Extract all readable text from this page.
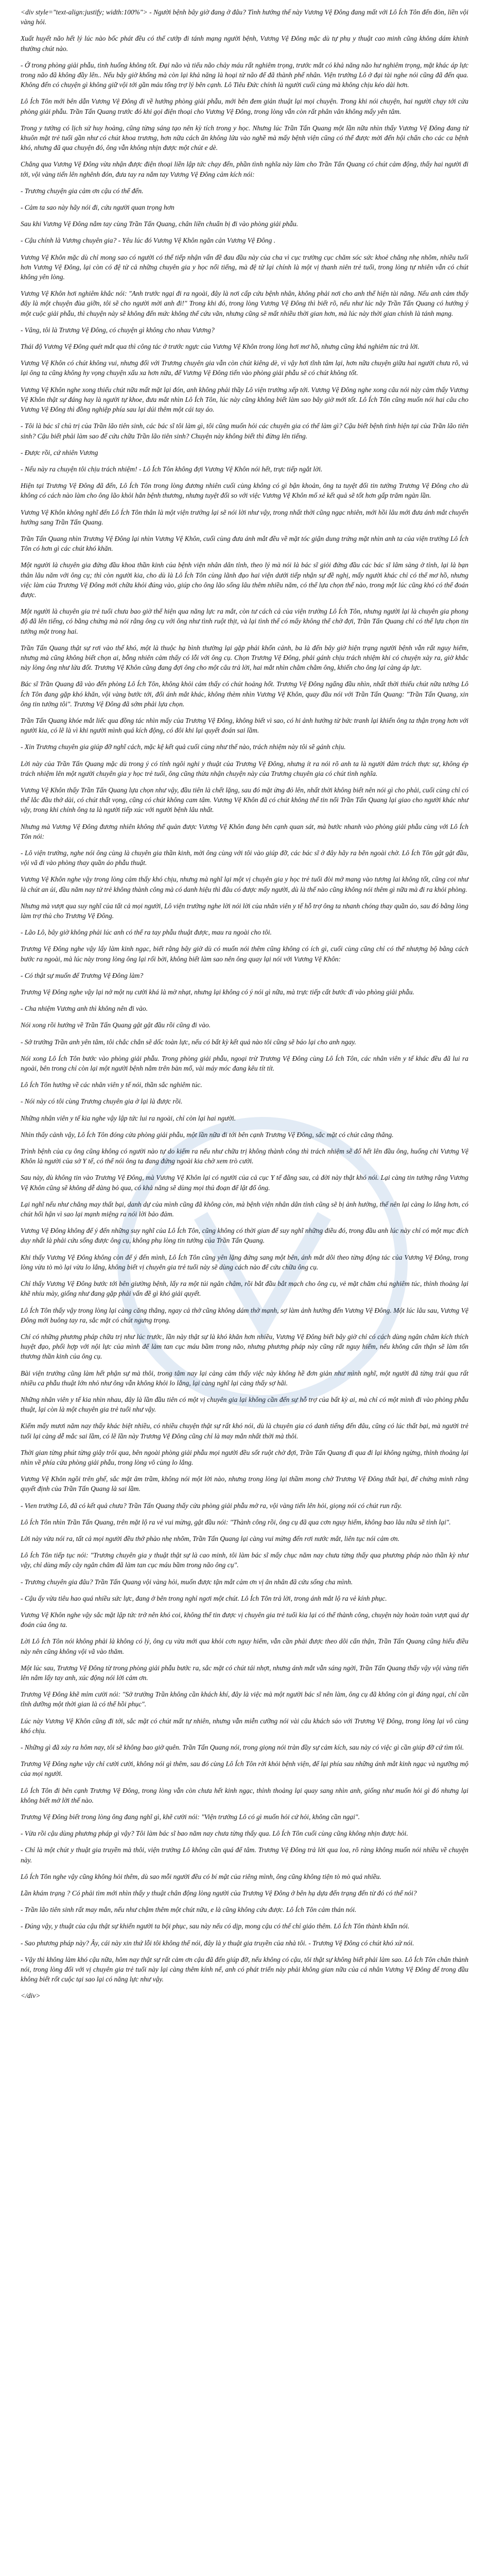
<div style="text-align:justify; width:100%"> - Người bệnh bây giờ đang ở đâu? Tình hướng thế này Vương Vệ Đông đang mất với Lô Ích Tôn đến đòn, liền vội vàng hỏi.

Xuất huyết não hết lý lúc nào bốc phát đều có thể cướp đi tánh mạng người bệnh, Vương Vệ Đông mặc dù tự phụ y thuật cao minh cũng không dám khinh thường chút nào.

- Ở trong phòng giải phẫu, tình huống không tốt. Đại não và tiểu não chảy máu rất nghiêm trọng, trước mắt có khả năng não hư nghiêm trọng, mặt khác áp lực trong não đã không đầy lên.. Nếu bây giờ khống mà còn lại khả năng là hoại tử não để đã thành phế nhân. Viện trưởng Lô ở đại tài nghe nói cũng đã đến qua. Không đến có chuyện gì không giữ vội tới gần máu tổng trợ lý bên cạnh. Lô Tiêu Đức chính là người cuối cùng mà không chịu kéo dài hơn.

Lô Ích Tôn mới bên dẫn Vương Vệ Đông đi về hướng phòng giải phẫu, mới bên đem giản thuật lại mọi chuyện. Trong khi nói chuyện, hai người chạy tới cửa phòng giải phẫu. Trần Tấn Quang trước đó khi gọi điện thoại cho Vương Vệ Đông, trong lòng vẫn còn rất phân vân không mấy yên tâm.

Trong y tưởng có lịch sử huy hoàng, cũng từng sáng tạo nên kỳ tích trong y học. Nhưng lúc Trần Tấn Quang một lần nữa nhìn thấy Vương Vệ Đông đang từ khuôn mặt trẻ tuổi gần như có chút khoa trương, hơn nữa cách ăn không lửa vào nghề mà mấy bệnh viện cũng có thể được mời đến hội chẩn cho các ca bệnh khó, nhưng đã qua chuyện đó, ông vẫn không nhịn được một chút e dè.

Chẳng qua Vương Vệ Đông vừa nhận được điện thoại liền lập tức chạy đến, phần tình nghĩa này làm cho Trần Tấn Quang có chút cảm động, thấy hai người đi tới, vội vàng tiến lên nghênh đón, đưa tay ra nắm tay Vương Vệ Đông cảm kích nói:

- Trương chuyện gia cảm ơn cậu có thể đến.

- Cảm ta sao này hãy nói đi, cứu người quan trọng hơn

Sau khi Vương Vệ Đông nắm tay cùng Trần Tấn Quang, chân liền chuẩn bị đi vào phòng giải phẫu.

- Cậu chính là Vương chuyên gia? - Yêu lúc đó Vương Vệ Khôn ngăn cản Vương Vệ Đông .

Vương Vệ Khôn mặc dù chỉ mong sao có người có thể tiếp nhận vấn đề đau đầu này của cha vì cục trường cục chăm sóc sức khoẻ chẳng nhẹ nhõm, nhiều tuổi hơn Vương Vệ Đông, lại còn có đệ tử cả những chuyên gia y học nổi tiếng, mà đệ tử lại chính là một vị thanh niên trẻ tuổi, trong lòng tự nhiên vẫn có chút không yên lòng.

Vương Vệ Khôn hơi nghiêm khắc nói: "Anh trước ngại đi ra ngoài, đây là nơi cấp cứu bệnh nhân, không phải nơi cho anh thể hiện tài năng. Nếu anh cảm thấy đây là một chuyện đùa giỡn, tôi sẽ cho người mời anh đi!" Trong khi đó, trong lòng Vương Vệ Đông thì biết rõ, nếu như lúc nãy Trần Tấn Quang có hướng ý một cuộc giải phẫu, thì chuyện này sẽ không đến mức không thể cứu vãn, nhưng cũng sẽ mất nhiều thời gian hơn, mà lúc này thời gian chính là tánh mạng.

- Vâng, tôi là Trương Vệ Đông, có chuyện gì không cho nhau Vương?

Thái độ Vương Vệ Đông quét mắt qua thì công tác ở trước ngực của Vương Vệ Khôn trong lòng hơi mơ hồ, nhưng cũng khá nghiêm túc trả lời.

Vương Vệ Khôn có chút không vui, nhưng đối với Trương chuyên gia vẫn còn chút kiêng dè, vì vậy hơi tĩnh tâm lại, hơn nữa chuyện giữa hai người chưa rõ, vả lại ông ta cũng không hy vọng chuyện xấu xa hơn nữa, để Vương Vệ Đông tiến vào phòng giải phẫu sẽ có chút không tốt.

Vương Vệ Khôn nghe xong thiếu chút nữa mất mặt lại đón, anh không phải thầy Lô viện trưởng xếp tới. Vương Vệ Đông nghe xong câu nói này cảm thấy Vương Vệ Khôn thật sự đáng hay là người tự khoe, đưa mắt nhìn Lô Ích Tôn, lúc này cũng không biết làm sao bây giờ mới tốt. Lô Ích Tôn cũng muốn nói hai câu cho Vương Vệ Đông thì đồng nghiệp phía sau lại dúi thêm một cái tay áo.

- Tôi là bác sĩ chủ trị của Trần lão tiên sinh, các bác sĩ tôi làm gì, tôi cũng muốn hỏi các chuyên gia có thể làm gì? Cậu biết bệnh tình hiện tại của Trần lão tiên sinh? Cậu biết phải làm sao để cứu chữa Trần lão tiên sinh? Chuyện này không biết thì đừng lên tiếng.

- Được rồi, cứ nhiên Vương

- Nếu này ra chuyện tôi chịu trách nhiệm! - Lô Ích Tôn không đợi Vương Vệ Khôn nói hết, trực tiếp ngắt lời.

Hiện tại Trương Vệ Đông đã đến, Lô Ích Tôn trong lòng đương nhiên cuối cùng không có gì bận khoản, ông ta tuyệt đối tin tưởng Trương Vệ Đông cho dù không có cách nào làm cho ông lão khỏi hẳn bệnh thương, nhưng tuyệt đối so với việc Vương Vệ Khôn mổ xẻ kết quả sẽ tốt hơn gấp trăm ngàn lần.

Vương Vệ Khôn không nghĩ đến Lô Ích Tôn thân là một viện trưởng lại sẽ nói lời như vậy, trong nhất thời cũng ngạc nhiên, mới hồi lâu mới đưa ánh mắt chuyển hướng sang Trần Tấn Quang.

Trần Tấn Quang nhìn Trương Vệ Đông lại nhìn Vương Vệ Khôn, cuối cùng đưa ánh mắt đều về mặt tóc giận dung trứng mặt nhìn anh ta của viện trưởng Lô Ích Tôn có hơn gì các chút khó khăn.

Một người là chuyên gia đứng đầu khoa thần kinh của bệnh viện nhân dân tỉnh, theo lý mà nói là bác sĩ giỏi đứng đầu các bác sĩ lâm sàng ở tỉnh, lại là bạn thân lâu năm với ông cụ; thì còn người kia, cho dù là Lô Ích Tôn cùng lãnh đạo hai viện dưới tiếp nhận sự đề nghị, mấy người khác chỉ có thể mơ hồ, nhưng việc làm của Trương Vệ Đông mới chữa khỏi đúng vào, giúp cho ông lão sống lâu thêm nhiều năm, có thể lựa chọn thế nào, trong một lúc cũng khó có thể đoán được.

Một người là chuyên gia trẻ tuổi chưa bao giờ thể hiện qua năng lực ra mắt, còn tư cách cả của viện trưởng Lô Ích Tôn, nhưng người lại là chuyên gia phong độ đã lên tiếng, có bằng chứng mà nói rằng ông cụ với ông như tình ruột thịt, và lại tình thế có mấy không thể chờ đợi, Trần Tấn Quang chỉ có thể lựa chọn tin tưởng một trong hai.

Trần Tấn Quang thật sự rơi vào thế khó, một là thuộc hạ bình thường lại gặp phải khốn cảnh, ba là đến bây giờ hiện trạng người bệnh vẫn rất nguy hiểm, nhưng mà cũng không biết chọn ai, bỗng nhiên cảm thấy có lỗi với ông cụ. Chọn Trương Vệ Đông, phải gánh chịu trách nhiệm khi có chuyện xảy ra, giờ khắc này lòng ông như lửa đốt. Trương Vệ Khôn cũng đang đợi ông cho một câu trả lời, hai mắt nhìn chằm chằm ông, khiến cho ông lại càng áp lực.

Bác sĩ Trần Quang đã vào đến phòng Lô Ích Tôn, không khỏi cảm thấy có chút hoảng hốt. Trương Vệ Đông ngẩng đầu nhìn, nhất thời thiếu chút nữa tưởng Lô Ích Tôn đang gặp khó khăn, vội vàng bước tới, đổi ánh mắt khác, không thèm nhìn Vương Vệ Khôn, quay đầu nói với Trần Tấn Quang: "Trần Tấn Quang, xin ông tin tưởng tôi". Trương Vệ Đông đã sớm phải lựa chọn.

Trần Tấn Quang khóe mắt liếc qua đồng tác nhìn mấy của Trương Vệ Đông, không biết vì sao, có hi ảnh hưởng từ bức tranh lại khiến ông ta thận trọng hơn với người kia, có lẽ là vì khi người mình quá kích động, có đôi khi lại quyết đoán sai lầm.

- Xin Trương chuyên gia giúp đỡ nghĩ cách, mặc kệ kết quả cuối cùng như thế nào, trách nhiệm này tôi sẽ gánh chịu.

Lời này của Trần Tấn Quang mặc dù trong ý có tính ngôi nghi y thuật của Trương Vệ Đông, nhưng ít ra nói rõ anh ta là người đảm trách thực sự, không ép trách nhiệm lên một người chuyên gia y học trẻ tuổi, ông cũng thừa nhận chuyện này của Trương chuyên gia có chút tình nghĩa.

Vương Vệ Khôn thấy Trần Tấn Quang lựa chọn như vậy, đầu tiên là chết lặng, sau đó mặt ửng đỏ lên, nhất thời không biết nên nói gì cho phải, cuối cùng chỉ có thể lắc đầu thở dài, có chút thất vọng, cũng có chút không cam tâm. Vương Vệ Khôn đã có chút không thể tin nổi Trần Tấn Quang lại giao cho người khác như vậy, trong khi chính ông ta là người tiếp xúc với người bệnh lâu nhất.

Nhưng mà Vương Vệ Đông đương nhiên không thể quản được Vương Vệ Khôn đang bên cạnh quan sát, mà bước nhanh vào phòng giải phẫu cùng với Lô Ích Tôn nói:

- Lô viện trưởng, nghe nói ông cùng là chuyên gia thần kinh, mời ông cùng với tôi vào giúp đỡ, các bác sĩ ở đây hãy ra bên ngoài chờ. Lô Ích Tôn gật gật đầu, vội vã đi vào phòng thay quần áo phẫu thuật.

Vương Vệ Khôn nghe vậy trong lòng cảm thấy khó chịu, nhưng mà nghĩ lại một vị chuyên gia y học trẻ tuổi đòi mở mang vào tương lai không tốt, cũng coi như là chút an ủi, đầu năm nay tử trẻ không thành công mà có danh hiệu thì đâu có được mấy người, dù là thế nào cũng không nói thêm gì nữa mà đi ra khỏi phòng.

Nhưng mà vượt qua suy nghĩ của tất cả mọi người, Lô viện trưởng nghe lời nói lời của nhân viên y tế hỗ trợ ông ta nhanh chóng thay quần áo, sau đó bằng lòng làm trợ thủ cho Trương Vệ Đông.

- Lão Lô, bây giờ không phải lúc anh có thể ra tay phẫu thuật được, mau ra ngoài cho tôi.

Trương Vệ Đông nghe vậy lấy làm kinh ngạc, biết rằng bây giờ dù có muốn nói thêm cũng không có ích gì, cuối cùng cũng chỉ có thể nhượng bộ bằng cách bước ra ngoài, mà lúc này trong lòng ông lại rối bời, không biết làm sao nên ông quay lại nói với Vương Vệ Khôn:

- Có thật sự muốn để Trương Vệ Đông làm?

Trương Vệ Đông nghe vậy lại nở một nụ cười khá là mờ nhạt, nhưng lại không có ý nói gì nữa, mà trực tiếp cất bước đi vào phòng giải phẫu.

- Cha nhiệm Vương anh thì không nên đi vào.

Nói xong rồi hướng về Trần Tấn Quang gật gật đầu rồi cũng đi vào.

- Sở trưởng Trần anh yên tâm, tôi chắc chắn sẽ dốc toàn lực, nếu có bất kỳ kết quả nào tôi cũng sẽ báo lại cho anh ngay.

Nói xong Lô Ích Tôn bước vào phòng giải phẫu. Trong phòng giải phẫu, ngoại trừ Trương Vệ Đông cùng Lô Ích Tôn, các nhân viên y tế khác đều đã lui ra ngoài, bên trong chỉ còn lại một người bệnh nằm trên bàn mổ, vài máy móc đang kêu tít tít.

Lô Ích Tôn hướng về các nhân viên y tế nói, thần sắc nghiêm túc.

- Nói này có tôi cùng Trương chuyên gia ở lại là được rồi.

Những nhân viên y tế kia nghe vậy lập tức lui ra ngoài, chỉ còn lại hai người.

Nhìn thấy cảnh vậy, Lô Ích Tôn đóng cửa phòng giải phẫu, một lần nữa đi tới bên cạnh Trương Vệ Đông, sắc mặt có chút căng thẳng.

Trình bệnh của cụ ông cũng không có người nào tự do kiếm ra nếu như chữa trị không thành công thì trách nhiệm sẽ đổ hết lên đầu ông, huống chi Vương Vệ Khôn là người của sở Y tế, có thể nói ông ta đang đứng ngoài kia chờ xem trò cười.

Sau này, dù không tin vào Trương Vệ Đông, mà Vương Vệ Khôn lại có người của cả cục Y tế đằng sau, cả đời này thật khó nói. Lại càng tin tưởng rằng Vương Vệ Khôn cũng sẽ không dễ dàng bỏ qua, có khả năng sẽ dùng mọi thủ đoạn để lật đổ ông.

Lại nghĩ nếu như chẳng may thất bại, danh dự của mình cũng đã không còn, mà bệnh viện nhân dân tỉnh cũng sẽ bị ảnh hưởng, thế nên lại càng lo lắng hơn, có chút hối hận vì sao lại mạnh miệng ra nói lời bảo đảm.

Vương Vệ Đông không để ý đến những suy nghĩ của Lô Ích Tôn, cũng không có thời gian để suy nghĩ những điều đó, trong đầu anh lúc này chỉ có một mục đích duy nhất là phải cứu sống được ông cụ, không phụ lòng tin tưởng của Trần Tấn Quang.

Khi thấy Vương Vệ Đông không còn để ý đến mình, Lô Ích Tôn cũng yên lặng đứng sang một bên, ánh mắt dõi theo từng động tác của Vương Vệ Đông, trong lòng vừa tò mò lại vừa lo lắng, không biết vị chuyên gia trẻ tuổi này sẽ dùng cách nào để cứu chữa ông cụ.

Chỉ thấy Vương Vệ Đông bước tới bên giường bệnh, lấy ra một túi ngân châm, rồi bắt đầu bắt mạch cho ông cụ, vẻ mặt chăm chú nghiêm túc, thỉnh thoảng lại khẽ nhíu mày, giống như đang gặp phải vấn đề gì khó giải quyết.

Lô Ích Tôn thấy vậy trong lòng lại càng căng thẳng, ngay cả thở cũng không dám thở mạnh, sợ làm ảnh hưởng đến Vương Vệ Đông. Một lúc lâu sau, Vương Vệ Đông mới buông tay ra, sắc mặt có chút ngưng trọng.

Chỉ có những phương pháp chữa trị như lúc trước, lần này thật sự là khó khăn hơn nhiều, Vương Vệ Đông biết bây giờ chỉ có cách dùng ngân châm kích thích huyệt đạo, phối hợp với nội lực của mình để làm tan cục máu bầm trong não, nhưng phương pháp này cũng rất nguy hiểm, nếu không cẩn thận sẽ làm tổn thương thần kinh của ông cụ.

Bài viện trưởng cũng làm hết phận sự mà thôi, trong tâm nay lại càng cảm thấy việc này không hề đơn giản như mình nghĩ, một người đã từng trải qua rất nhiều ca phẫu thuật lớn nhỏ như ông vẫn không khỏi lo lắng, lại càng nghĩ lại càng thấy sợ hãi.

Những nhân viên y tế kia nhìn nhau, đây là lần đầu tiên có một vị chuyên gia lại không cần đến sự hỗ trợ của bất kỳ ai, mà chỉ có một mình đi vào phòng phẫu thuật, lại còn là một chuyên gia trẻ tuổi như vậy.

Kiếm mấy mươi năm nay thấy khác biệt nhiều, có nhiều chuyện thật sự rất khó nói, dù là chuyên gia có danh tiếng đến đâu, cũng có lúc thất bại, mà người trẻ tuổi lại càng dễ mắc sai lầm, có lẽ lần này Trương Vệ Đông cũng chỉ là may mắn nhất thời mà thôi.

Thời gian từng phút từng giây trôi qua, bên ngoài phòng giải phẫu mọi người đều sốt ruột chờ đợi, Trần Tấn Quang đi qua đi lại không ngừng, thỉnh thoảng lại nhìn về phía cửa phòng giải phẫu, trong lòng vô cùng lo lắng.

Vương Vệ Khôn ngồi trên ghế, sắc mặt âm trầm, không nói một lời nào, nhưng trong lòng lại thầm mong chờ Trương Vệ Đông thất bại, để chứng minh rằng quyết định của Trần Tấn Quang là sai lầm.

- Vien trưởng Lô, đã có kết quả chưa? Trần Tấn Quang thấy cửa phòng giải phẫu mở ra, vội vàng tiến lên hỏi, giọng nói có chút run rẩy.

Lô Ích Tôn nhìn Trần Tấn Quang, trên mặt lộ ra vẻ vui mừng, gật đầu nói: "Thành công rồi, ông cụ đã qua cơn nguy hiểm, không bao lâu nữa sẽ tỉnh lại".

Lời này vừa nói ra, tất cả mọi người đều thở phào nhẹ nhõm, Trần Tấn Quang lại càng vui mừng đến rơi nước mắt, liên tục nói cảm ơn.

Lô Ích Tôn tiếp tục nói: "Trương chuyên gia y thuật thật sự là cao minh, tôi làm bác sĩ mấy chục năm nay chưa từng thấy qua phương pháp nào thần kỳ như vậy, chỉ dùng mấy cây ngân châm đã làm tan cục máu bầm trong não ông cụ".

- Trương chuyên gia đâu? Trần Tấn Quang vội vàng hỏi, muốn được tận mắt cảm ơn vị ân nhân đã cứu sống cha mình.

- Cậu ấy vừa tiêu hao quá nhiều sức lực, đang ở bên trong nghỉ ngơi một chút. Lô Ích Tôn trả lời, trong ánh mắt lộ ra vẻ kính phục.

Vương Vệ Khôn nghe vậy sắc mặt lập tức trở nên khó coi, không thể tin được vị chuyên gia trẻ tuổi kia lại có thể thành công, chuyện này hoàn toàn vượt quá dự đoán của ông ta.

Lời Lô Ích Tôn nói không phải là không có lý, ông cụ vừa mới qua khỏi cơn nguy hiểm, vẫn cần phải được theo dõi cẩn thận, Trần Tấn Quang cũng hiểu điều này nên cũng không vội vã vào thăm.

Một lúc sau, Trương Vệ Đông từ trong phòng giải phẫu bước ra, sắc mặt có chút tái nhợt, nhưng ánh mắt vẫn sáng ngời, Trần Tấn Quang thấy vậy vội vàng tiến lên nắm lấy tay anh, xúc động nói lời cảm ơn.

Trương Vệ Đông khẽ mỉm cười nói: "Sở trưởng Trần không cần khách khí, đây là việc mà một người bác sĩ nên làm, ông cụ đã không còn gì đáng ngại, chỉ cần tĩnh dưỡng một thời gian là có thể hồi phục".

Lúc này Vương Vệ Khôn cũng đi tới, sắc mặt có chút mất tự nhiên, nhưng vẫn miễn cưỡng nói vài câu khách sáo với Trương Vệ Đông, trong lòng lại vô cùng khó chịu.

- Những gì đã xảy ra hôm nay, tôi sẽ không bao giờ quên. Trần Tấn Quang nói, trong giọng nói tràn đầy sự cảm kích, sau này có việc gì cần giúp đỡ cứ tìm tôi.

Trương Vệ Đông nghe vậy chỉ cười cười, không nói gì thêm, sau đó cùng Lô Ích Tôn rời khỏi bệnh viện, để lại phía sau những ánh mắt kinh ngạc và ngưỡng mộ của mọi người.

Lô Ích Tôn đi bên cạnh Trương Vệ Đông, trong lòng vẫn còn chưa hết kinh ngạc, thỉnh thoảng lại quay sang nhìn anh, giống như muốn hỏi gì đó nhưng lại không biết mở lời thế nào.

Trương Vệ Đông biết trong lòng ông đang nghĩ gì, khẽ cười nói: "Viện trưởng Lô có gì muốn hỏi cứ hỏi, không cần ngại".

- Vừa rồi cậu dùng phương pháp gì vậy? Tôi làm bác sĩ bao năm nay chưa từng thấy qua. Lô Ích Tôn cuối cùng cũng không nhịn được hỏi.

- Chỉ là một chút y thuật gia truyền mà thôi, viện trưởng Lô không cần quá để tâm. Trương Vệ Đông trả lời qua loa, rõ ràng không muốn nói nhiều về chuyện này.

Lô Ích Tôn nghe vậy cũng không hỏi thêm, dù sao mỗi người đều có bí mật của riêng mình, ông cũng không tiện tò mò quá nhiều.

Lần khám trạng ? Có phải tìm mới nhìn thấy y thuật chân động lòng người của Trương Vệ Đông ở bên hạ dựa đến trạng đến từ đó có thể nói?

- Trần lão tiên sinh rất may mắn, nếu như chậm thêm một chút nữa, e là cũng không cứu được. Lô Ích Tôn cảm thán nói.

- Đúng vậy, y thuật của cậu thật sự khiến người ta bội phục, sau này nếu có dịp, mong cậu có thể chỉ giáo thêm. Lô Ích Tôn thành khẩn nói.

- Sao phương pháp này? Ây, cái này xin thứ lỗi tôi không thể nói, đây là y thuật gia truyền của nhà tôi. - Trương Vệ Đông có chút khó xử nói.

- Vậy thì không làm khó cậu nữa, hôm nay thật sự rất cảm ơn cậu đã đến giúp đỡ, nếu không có cậu, tôi thật sự không biết phải làm sao. Lô Ích Tôn chân thành nói, trong lòng đối với vị chuyên gia trẻ tuổi này lại càng thêm kính nể, anh có phát triển này phải không gian nữa của cá nhân Vương Vệ Đông để trong đầu không biết rốt cuộc tại sao lại có năng lực như vậy.

</div>
